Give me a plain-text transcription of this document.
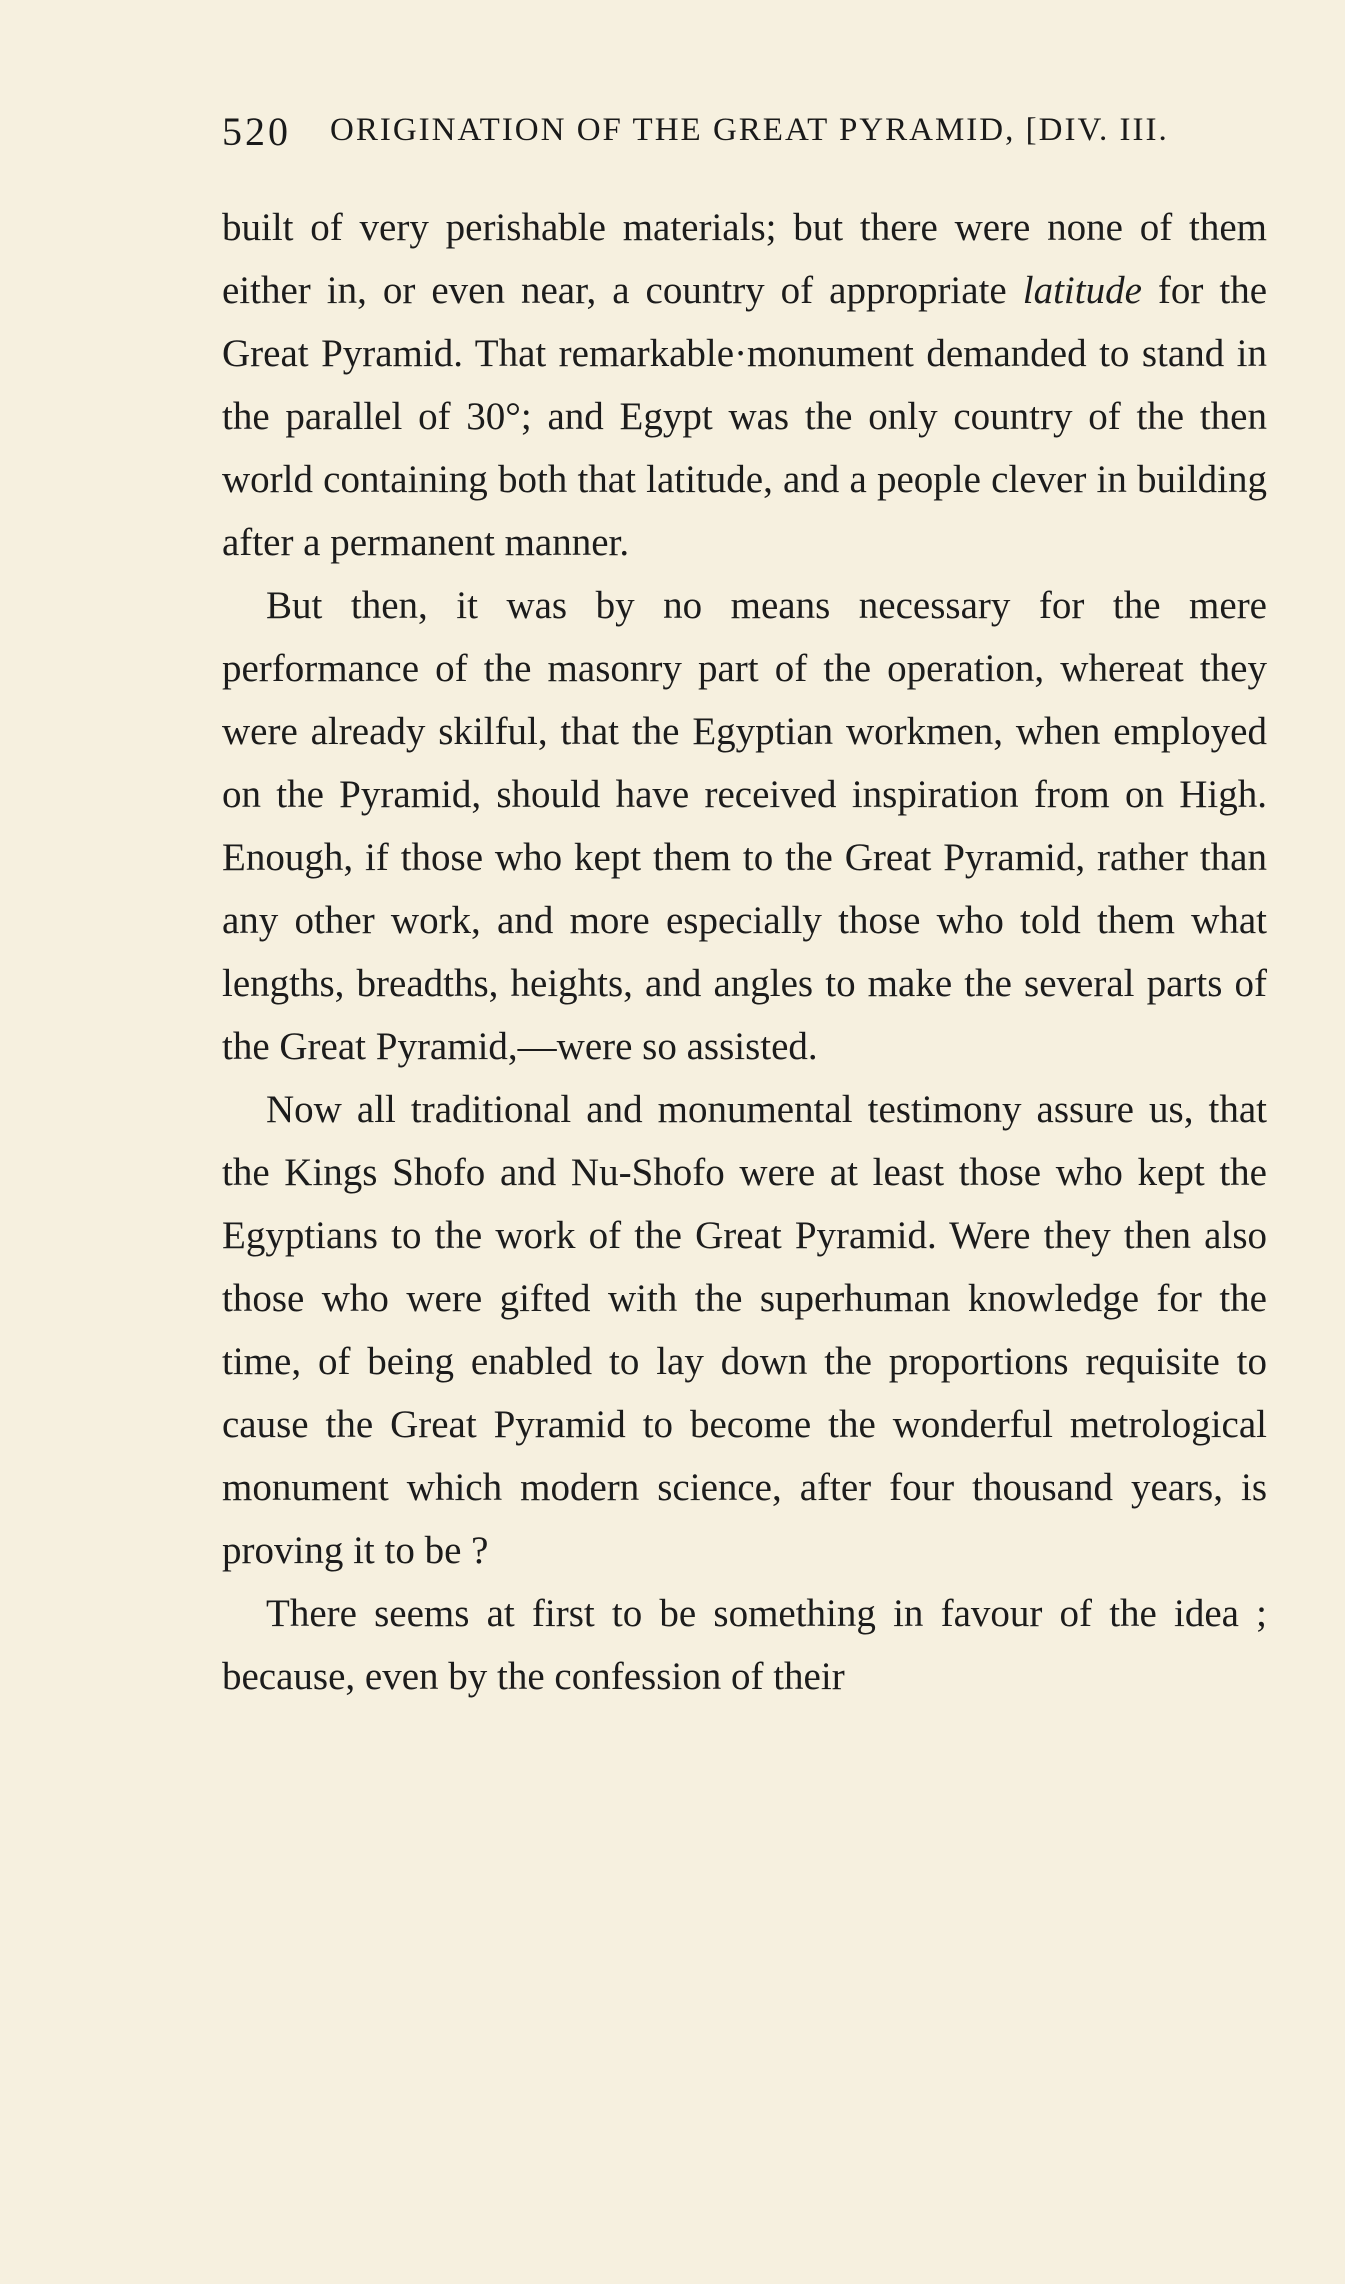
520 ORIGINATION OF THE GREAT PYRAMID, [DIV. III.

built of very perishable materials; but there were none of them either in, or even near, a country of appropriate latitude for the Great Pyramid. That remarkable·monument demanded to stand in the parallel of 30°; and Egypt was the only country of the then world containing both that latitude, and a people clever in building after a permanent manner.

But then, it was by no means necessary for the mere performance of the masonry part of the operation, whereat they were already skilful, that the Egyptian workmen, when employed on the Pyramid, should have received inspiration from on High. Enough, if those who kept them to the Great Pyramid, rather than any other work, and more especially those who told them what lengths, breadths, heights, and angles to make the several parts of the Great Pyramid,—were so assisted.

Now all traditional and monumental testimony assure us, that the Kings Shofo and Nu-Shofo were at least those who kept the Egyptians to the work of the Great Pyramid. Were they then also those who were gifted with the superhuman knowledge for the time, of being enabled to lay down the proportions requisite to cause the Great Pyramid to become the wonderful metrological monument which modern science, after four thousand years, is proving it to be ?

There seems at first to be something in favour of the idea ; because, even by the confession of their
